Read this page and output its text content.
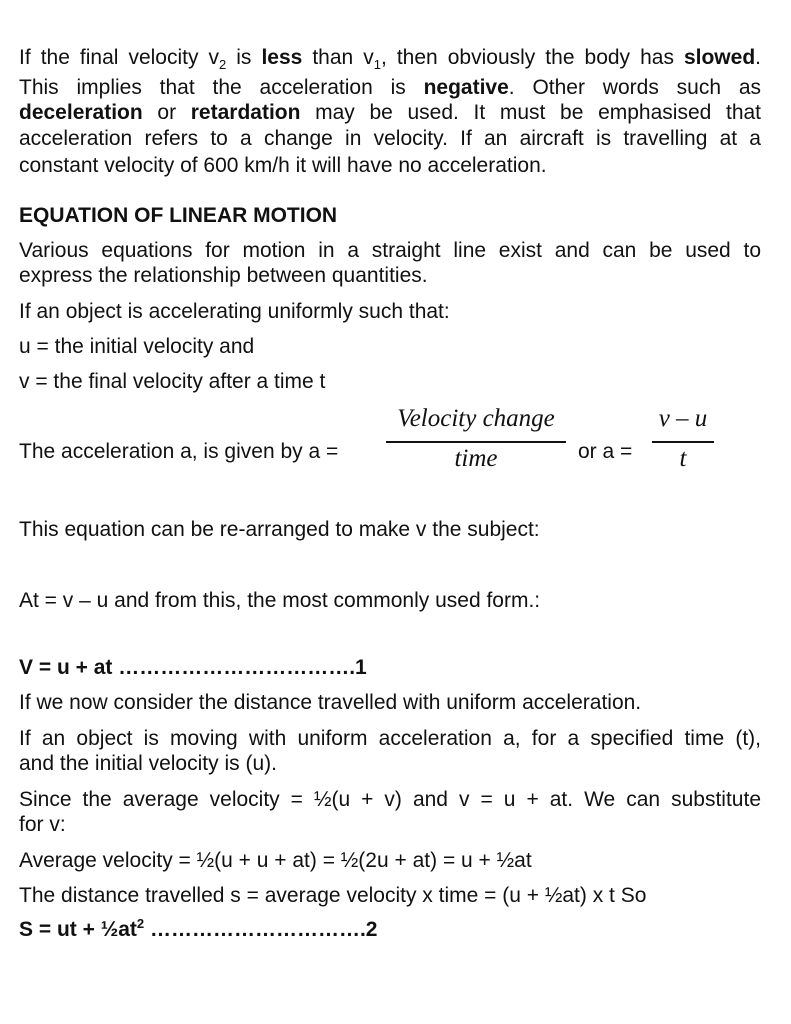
If the final velocity $v_2$ is less than $v_1$, then obviously the body has slowed.
This implies that the acceleration is negative. Other words such as
deceleration or retardation may be used. It must be emphasised that
acceleration refers to a change in velocity. If an aircraft is travelling at a
constant velocity of 600 km/h it will have no acceleration.
EQUATION OF LINEAR MOTION
Various equations for motion in a straight line exist and can be used to
express the relationship between quantities.
If an object is accelerating uniformly such that:
u = the initial velocity and
v = the final velocity after a time t
The acceleration a, is given by a =
Velocity change
time	or a =
v – u
t
This equation can be re-arranged to make v the subject:
At = v – u and from this, the most commonly used form.:
V = u + at …………………………….1
If we now consider the distance travelled with uniform acceleration.
If an object is moving with uniform acceleration a, for a specified time (t),
and the initial velocity is (u).
Since the average velocity = ½(u + v) and v = u + at. We can substitute
for v:
Average velocity = ½(u + u + at) = ½(2u + at) = u + ½at
The distance travelled s = average velocity x time = (u + ½at) x t So
S = ut + $\frac{1}{2}at^2$ ………………………….2
